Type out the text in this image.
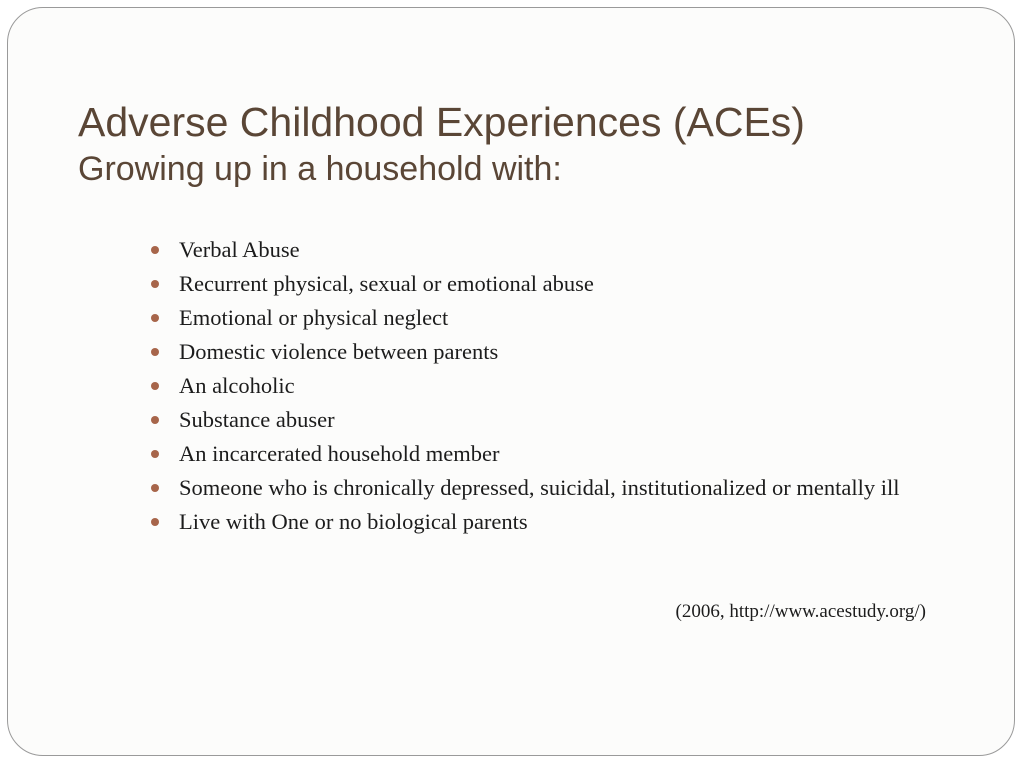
Adverse Childhood Experiences (ACEs)
Growing up in a household with:
Verbal Abuse
Recurrent physical, sexual or emotional abuse
Emotional or physical neglect
Domestic violence between parents
An alcoholic
Substance abuser
An incarcerated household member
Someone who is chronically depressed, suicidal, institutionalized or mentally ill
Live with One or no biological parents
(2006, http://www.acestudy.org/)
